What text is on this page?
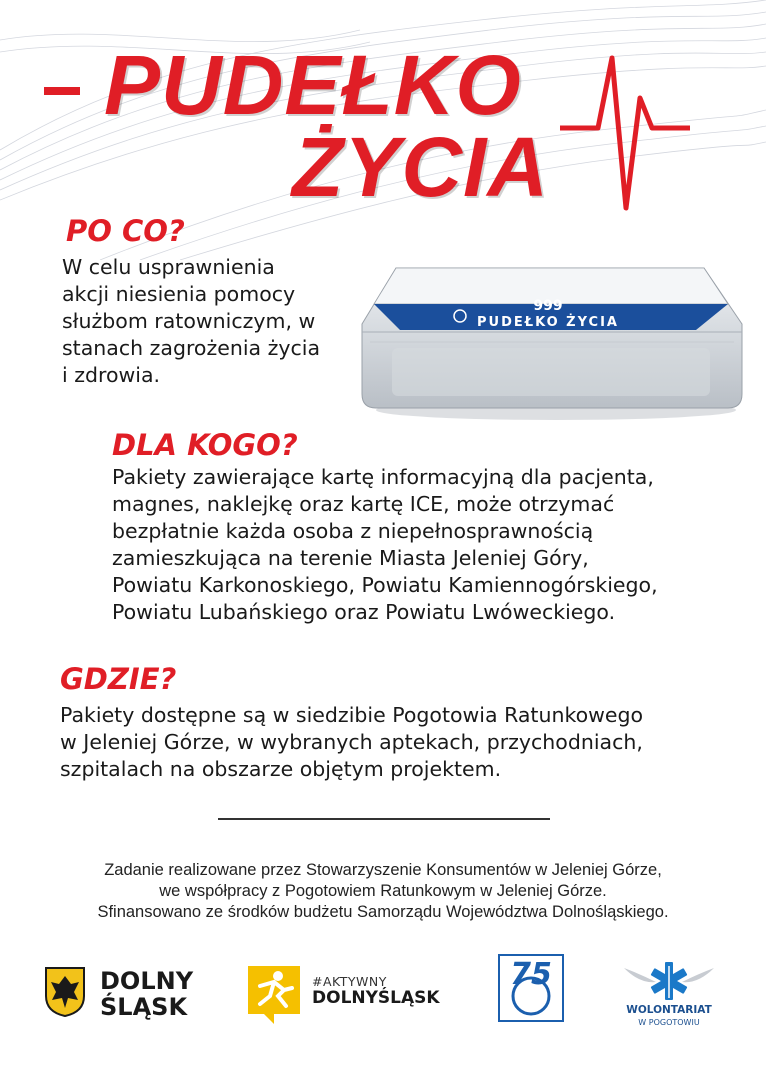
PUDEŁKO
ŻYCIA
PO CO?
W celu usprawnienia
akcji niesienia pomocy
służbom ratowniczym, w
stanach zagrożenia życia
i zdrowia.
999
PUDEŁKO ŻYCIA
DLA KOGO?
Pakiety zawierające kartę informacyjną dla pacjenta,
magnes, naklejkę oraz kartę ICE, może otrzymać
bezpłatnie każda osoba z niepełnosprawnością
zamieszkująca na terenie Miasta Jeleniej Góry,
Powiatu Karkonoskiego, Powiatu Kamiennogórskiego,
Powiatu Lubańskiego oraz Powiatu Lwóweckiego.
GDZIE?
Pakiety dostępne są w siedzibie Pogotowia Ratunkowego
w Jeleniej Górze, w wybranych aptekach, przychodniach,
szpitalach na obszarze objętym projektem.
Zadanie realizowane przez Stowarzyszenie Konsumentów w Jeleniej Górze,
we współpracy z Pogotowiem Ratunkowym w Jeleniej Górze.
Sfinansowano ze środków budżetu Samorządu Województwa Dolnośląskiego.
DOLNY
ŚLĄSK
#AKTYWNY
DOLNYŚLĄSK
75
WOLONTARIAT
W POGOTOWIU
